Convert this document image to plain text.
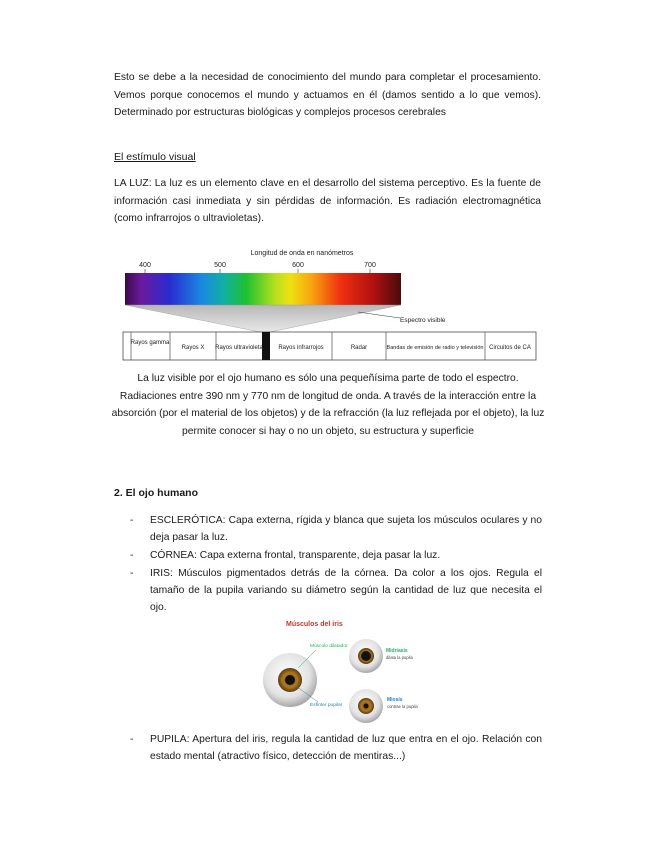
Esto se debe a la necesidad de conocimiento del mundo para completar el procesamiento. Vemos porque conocemos el mundo y actuamos en él (damos sentido a lo que vemos). Determinado por estructuras biológicas y complejos procesos cerebrales

El estímulo visual

LA LUZ: La luz es un elemento clave en el desarrollo del sistema perceptivo. Es la fuente de información casi inmediata y sin pérdidas de información. Es radiación electromagnética (como infrarrojos o ultravioletas).

Longitud de onda en nanómetros
400	500	600	700
Espectro visible
Rayos gamma
Rayos X Rayos ultravioleta	Rayos infrarrojos	Radar	Bandas de emisión de radio y televisión Circuitos de CA

La luz visible por el ojo humano es sólo una pequeñísima parte de todo el espectro. Radiaciones entre 390 nm y 770 nm de longitud de onda. A través de la interacción entre la absorción (por el material de los objetos) y de la refracción (la luz reflejada por el objeto), la luz permite conocer si hay o no un objeto, su estructura y superficie

2. El ojo humano

- ESCLERÓTICA: Capa externa, rígida y blanca que sujeta los músculos oculares y no deja pasar la luz.
- CÓRNEA: Capa externa frontal, transparente, deja pasar la luz.
- IRIS: Músculos pigmentados detrás de la córnea. Da color a los ojos. Regula el tamaño de la pupila variando su diámetro según la cantidad de luz que necesita el ojo.
Músculos del iris
Músculo dilatador
Esfínter pupilar
Midriasis
dilata la pupila
Miosis
contrae la pupila
- PUPILA: Apertura del iris, regula la cantidad de luz que entra en el ojo. Relación con estado mental (atractivo físico, detección de mentiras...)
